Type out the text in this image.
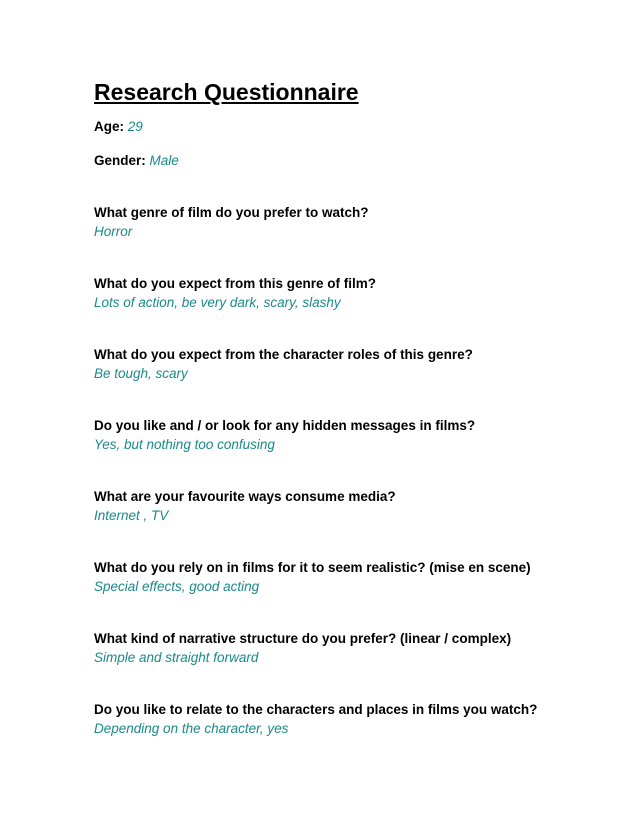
Research Questionnaire
Age: 29
Gender: Male
What genre of film do you prefer to watch?
Horror
What do you expect from this genre of film?
Lots of action, be very dark, scary, slashy
What do you expect from the character roles of this genre?
Be tough, scary
Do you like and / or look for any hidden messages in films?
Yes, but nothing too confusing
What are your favourite ways consume media?
Internet , TV
What do you rely on in films for it to seem realistic? (mise en scene)
Special effects, good acting
What kind of narrative structure do you prefer? (linear / complex)
Simple and straight forward
Do you like to relate to the characters and places in films you watch?
Depending on the character, yes
